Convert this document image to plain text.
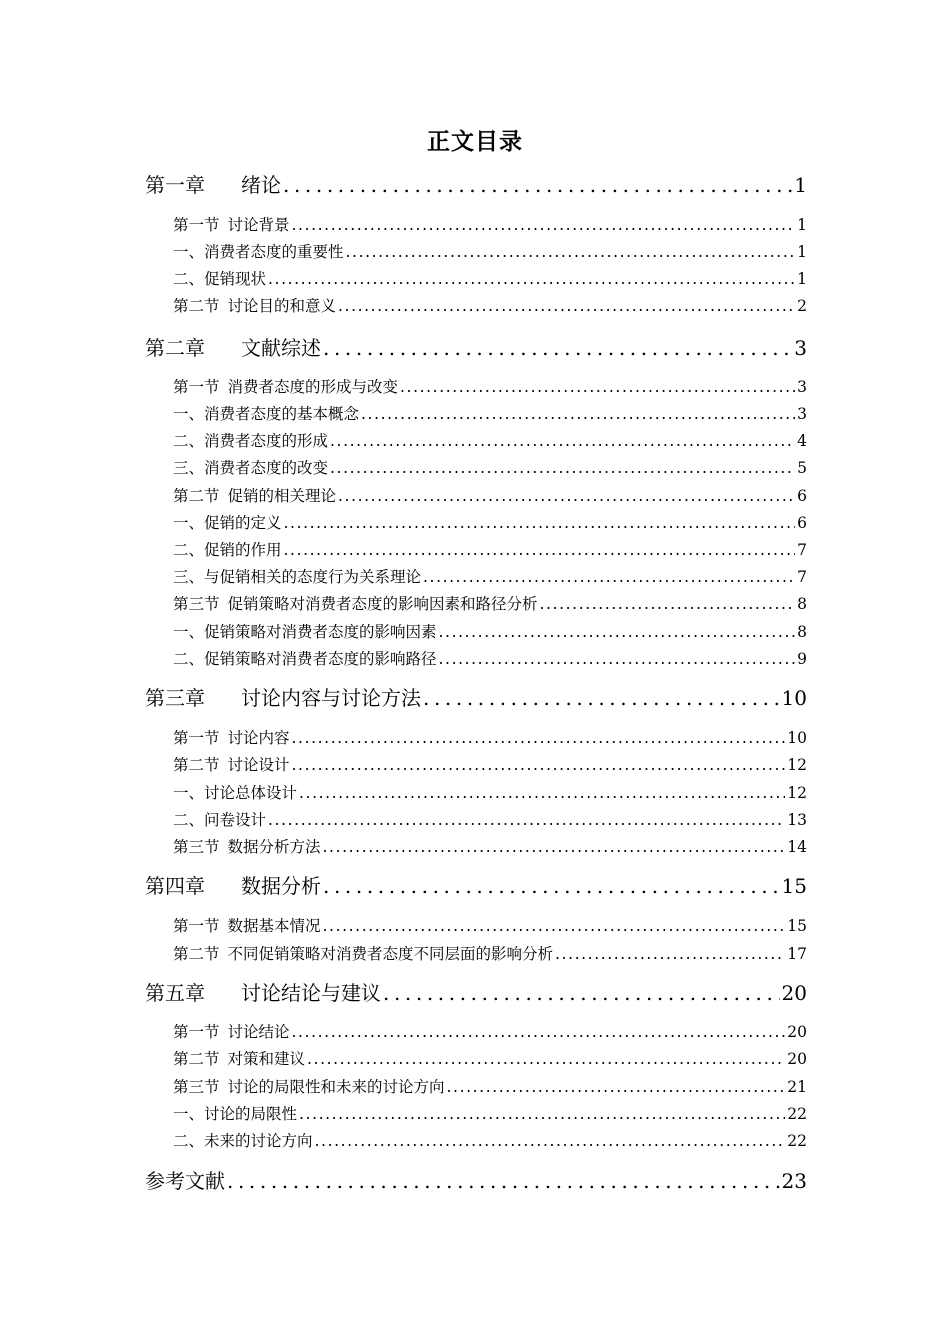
正文目录
第一章	绪论 .....	1
第一节 讨论背景 .....	1
一、消费者态度的重要性 .....	1
二、促销现状 .....	1
第二节 讨论目的和意义 .....	2
第二章	文献综述 .....	3
第一节 消费者态度的形成与改变 .....	3
一、消费者态度的基本概念 .....	3
二、消费者态度的形成 .....	4
三、消费者态度的改变 .....	5
第二节 促销的相关理论 .....	6
一、促销的定义 .....	6
二、促销的作用 .....	7
三、与促销相关的态度行为关系理论 .....	7
第三节 促销策略对消费者态度的影响因素和路径分析 .....	8
一、促销策略对消费者态度的影响因素 .....	8
二、促销策略对消费者态度的影响路径 .....	9
第三章	讨论内容与讨论方法 .....	10
第一节 讨论内容 .....	10
第二节 讨论设计 .....	12
一、讨论总体设计 .....	12
二、问卷设计 .....	13
第三节 数据分析方法 .....	14
第四章	数据分析 .....	15
第一节 数据基本情况 .....	15
第二节 不同促销策略对消费者态度不同层面的影响分析 .....	17
第五章	讨论结论与建议 .....	20
第一节 讨论结论 .....	20
第二节 对策和建议 .....	20
第三节 讨论的局限性和未来的讨论方向 .....	21
一、讨论的局限性 .....	22
二、未来的讨论方向 .....	22
参考文献 .....	23
